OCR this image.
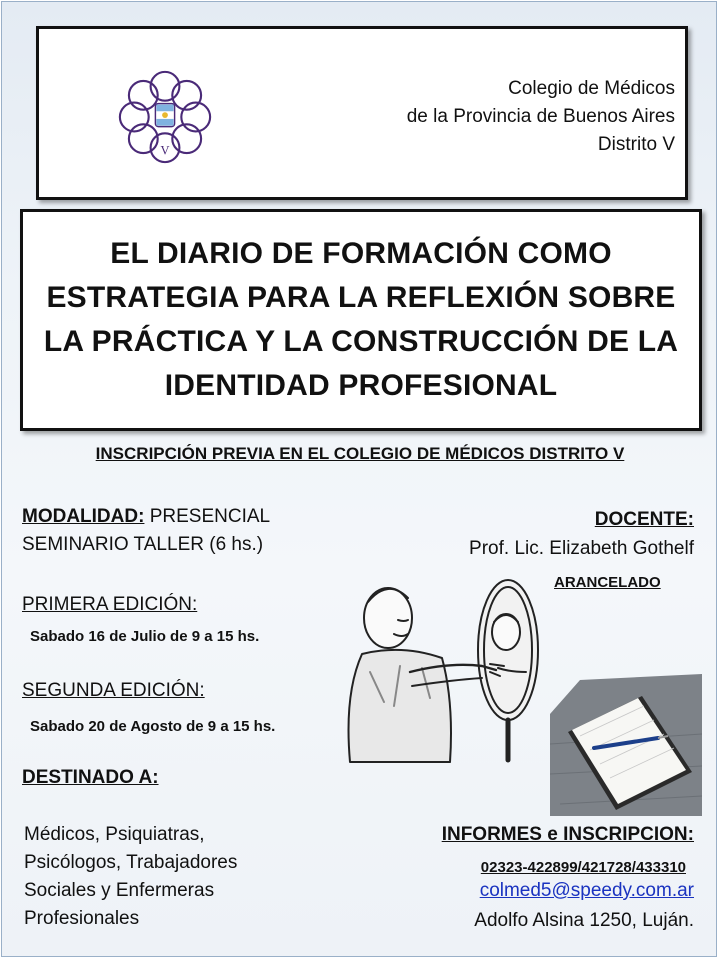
V
Colegio de Médicos
de la Provincia de Buenos Aires
Distrito V
EL DIARIO DE FORMACIÓN COMO
ESTRATEGIA PARA LA REFLEXIÓN SOBRE
LA PRÁCTICA Y LA CONSTRUCCIÓN DE LA
IDENTIDAD PROFESIONAL
INSCRIPCIÓN PREVIA EN EL COLEGIO DE MÉDICOS DISTRITO V
MODALIDAD: PRESENCIAL
SEMINARIO TALLER (6 hs.)
DOCENTE:
Prof. Lic. Elizabeth Gothelf
ARANCELADO
PRIMERA EDICIÓN:
Sabado 16 de Julio de 9 a 15 hs.
SEGUNDA EDICIÓN:
Sabado 20 de Agosto de 9 a 15 hs.
DESTINADO A:
Médicos, Psiquiatras,
Psicólogos, Trabajadores
Sociales y Enfermeras
Profesionales
INFORMES e INSCRIPCION:
02323-422899/421728/433310
colmed5@speedy.com.ar
Adolfo Alsina 1250, Luján.
